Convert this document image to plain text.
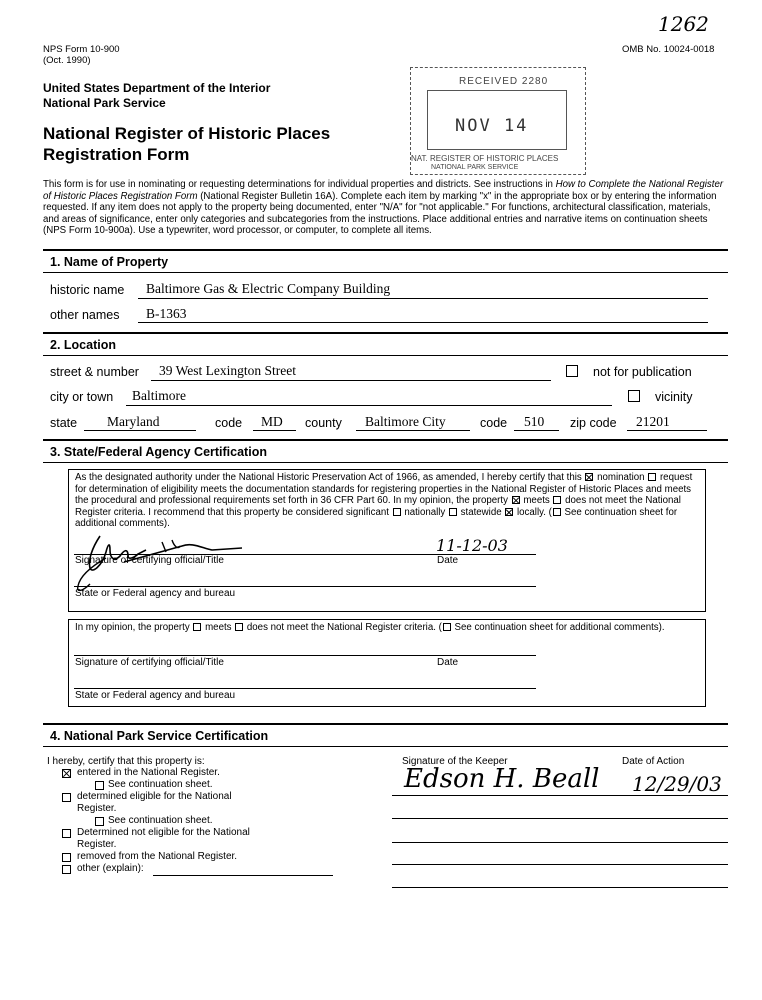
NPS Form 10-900
(Oct. 1990)
OMB No. 10024-0018
1262
United States Department of the Interior
National Park Service
National Register of Historic Places
Registration Form
RECEIVED 2280
NOV 14
NAT. REGISTER OF HISTORIC PLACES
NATIONAL PARK SERVICE
This form is for use in nominating or requesting determinations for individual properties and districts. See instructions in How to Complete the National Register of Historic Places Registration Form (National Register Bulletin 16A). Complete each item by marking "x" in the appropriate box or by entering the information requested. If any item does not apply to the property being documented, enter "N/A" for "not applicable." For functions, architectural classification, materials, and areas of significance, enter only categories and subcategories from the instructions. Place additional entries and narrative items on continuation sheets (NPS Form 10-900a). Use a typewriter, word processor, or computer, to complete all items.
1. Name of Property
historic name Baltimore Gas & Electric Company Building
other names B-1363
2. Location
street & number 39 West Lexington Street	not for publication
city or town Baltimore	vicinity
state Maryland	code MD county Baltimore City	code 510 zip code 21201
3. State/Federal Agency Certification
As the designated authority under the National Historic Preservation Act of 1966, as amended, I hereby certify that this nomination request for determination of eligibility meets the documentation standards for registering properties in the National Register of Historic Places and meets the procedural and professional requirements set forth in 36 CFR Part 60. In my opinion, the property meets does not meet the National Register criteria. I recommend that this property be considered significant nationally statewide locally. ( See continuation sheet for additional comments).
11-12-03
Signature of certifying official/Title	Date
State or Federal agency and bureau
In my opinion, the property meets does not meet the National Register criteria. ( See continuation sheet for additional comments).
Signature of certifying official/Title	Date
State or Federal agency and bureau
4. National Park Service Certification
I hereby, certify that this property is:
entered in the National Register.
See continuation sheet.
determined eligible for the National
Register.
See continuation sheet.
Determined not eligible for the National
Register.
removed from the National Register.
other (explain):
Signature of the Keeper	Date of Action
Edson H. Beall 12/29/03
